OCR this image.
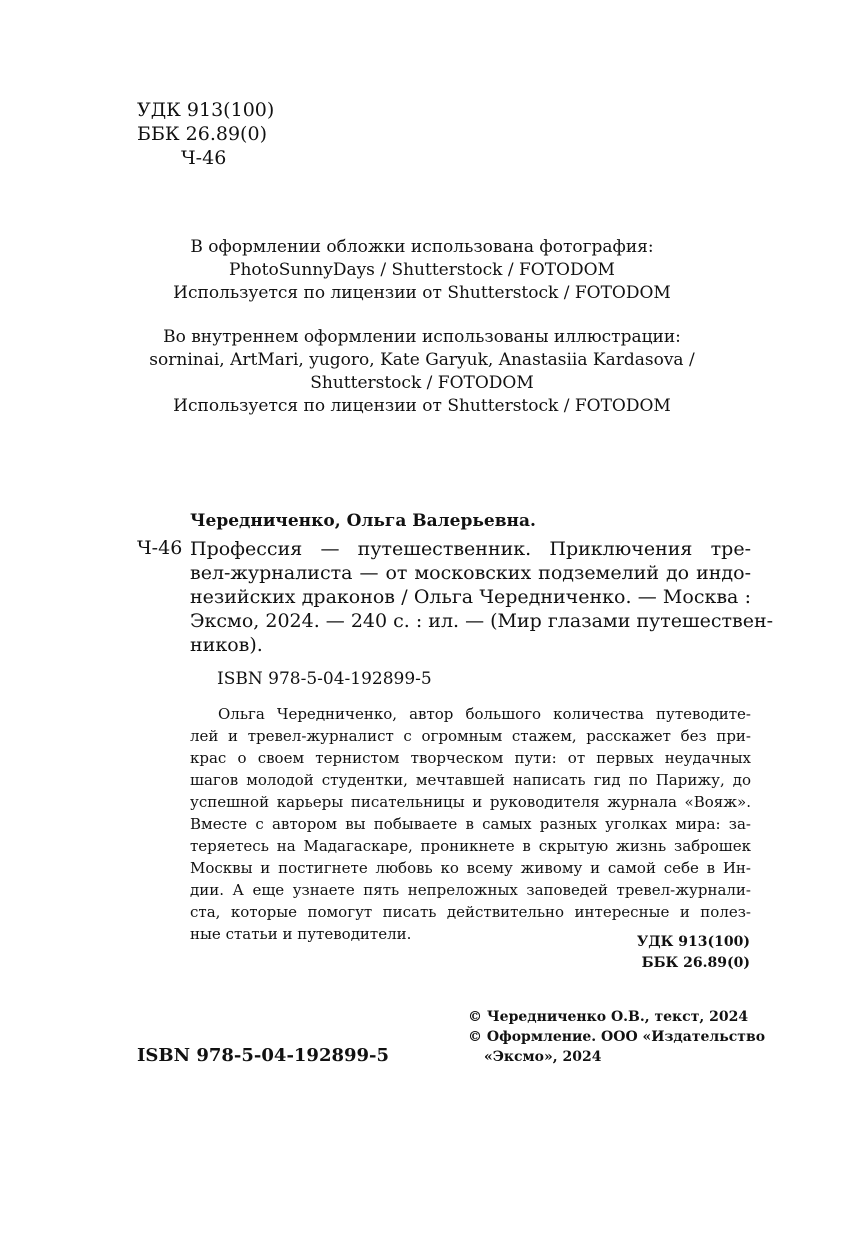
УДК 913(100)
ББК 26.89(0)
Ч-46
В оформлении обложки использована фотография:
PhotoSunnyDays / Shutterstock / FOTODOM
Используется по лицензии от Shutterstock / FOTODOM
Во внутреннем оформлении использованы иллюстрации:
sorninai, ArtMari, yugoro, Kate Garyuk, Anastasiia Kardasova /
Shutterstock / FOTODOM
Используется по лицензии от Shutterstock / FOTODOM
Чередниченко, Ольга Валерьевна.
Ч-46 Профессия — путешественник. Приключения тре-
вел-журналиста — от московских подземелий до индо-
незийских драконов / Ольга Чередниченко. — Москва :
Эксмо, 2024. — 240 с. : ил. — (Мир глазами путешествен-
ников).
ISBN 978-5-04-192899-5
Ольга Чередниченко, автор большого количества путеводите-
лей и тревел-журналист с огромным стажем, расскажет без при-
крас о своем тернистом творческом пути: от первых неудачных
шагов молодой студентки, мечтавшей написать гид по Парижу, до
успешной карьеры писательницы и руководителя журнала «Вояж».
Вместе с автором вы побываете в самых разных уголках мира: за-
теряетесь на Мадагаскаре, проникнете в скрытую жизнь заброшек
Москвы и постигнете любовь ко всему живому и самой себе в Ин-
дии. А еще узнаете пять непреложных заповедей тревел-журнали-
ста, которые помогут писать действительно интересные и полез-
ные статьи и путеводители.	УДК 913(100)
ББК 26.89(0)
© Чередниченко О.В., текст, 2024
© Оформление. ООО «Издательство
«Эксмо», 2024
ISBN 978-5-04-192899-5
